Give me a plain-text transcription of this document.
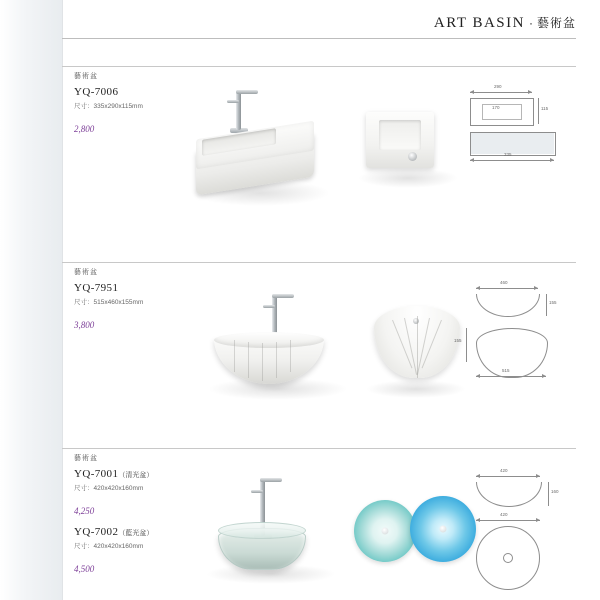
ART BASIN · 藝術盆
藝術盆
YQ-7006
尺寸：335x290x115mm
2,800
290
170	115
335
藝術盆
YQ-7951
尺寸：515x460x155mm
3,800
460
155
155
515
藝術盆
YQ-7001（清光盆）
尺寸：420x420x160mm
4,250
YQ-7002（藍光盆）
尺寸：420x420x160mm
4,500
420
160
420
